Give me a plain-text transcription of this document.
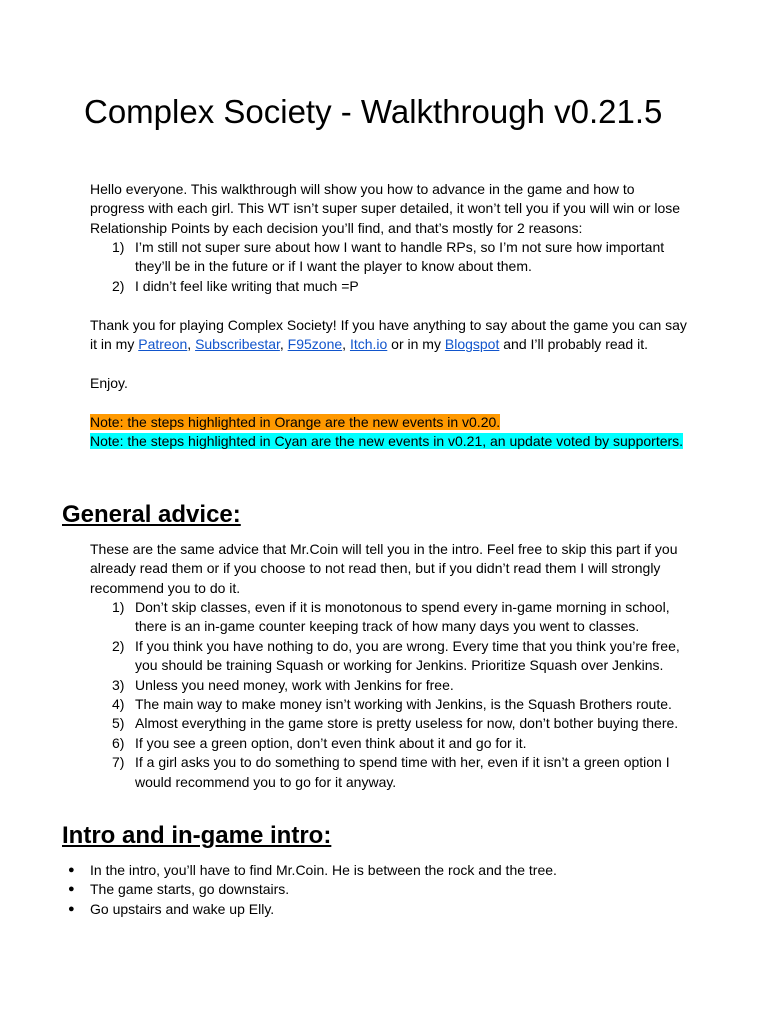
Complex Society - Walkthrough v0.21.5

Hello everyone. This walkthrough will show you how to advance in the game and how to progress with each girl. This WT isn’t super super detailed, it won’t tell you if you will win or lose Relationship Points by each decision you’ll find, and that’s mostly for 2 reasons:

1) I’m still not super sure about how I want to handle RPs, so I’m not sure how important they’ll be in the future or if I want the player to know about them.
2) I didn’t feel like writing that much =P

Thank you for playing Complex Society! If you have anything to say about the game you can say it in my Patreon, Subscribestar, F95zone, Itch.io or in my Blogspot and I’ll probably read it.

Enjoy.

Note: the steps highlighted in Orange are the new events in v0.20.

Note: the steps highlighted in Cyan are the new events in v0.21, an update voted by supporters.

General advice:

These are the same advice that Mr.Coin will tell you in the intro. Feel free to skip this part if you already read them or if you choose to not read then, but if you didn’t read them I will strongly recommend you to do it.

1) Don’t skip classes, even if it is monotonous to spend every in-game morning in school, there is an in-game counter keeping track of how many days you went to classes.
2) If you think you have nothing to do, you are wrong. Every time that you think you’re free, you should be training Squash or working for Jenkins. Prioritize Squash over Jenkins.
3) Unless you need money, work with Jenkins for free.
4) The main way to make money isn’t working with Jenkins, is the Squash Brothers route.
5) Almost everything in the game store is pretty useless for now, don’t bother buying there.
6) If you see a green option, don’t even think about it and go for it.
7) If a girl asks you to do something to spend time with her, even if it isn’t a green option I would recommend you to go for it anyway.
Intro and in-game intro:
● In the intro, you’ll have to find Mr.Coin. He is between the rock and the tree.
● The game starts, go downstairs.
● Go upstairs and wake up Elly.
